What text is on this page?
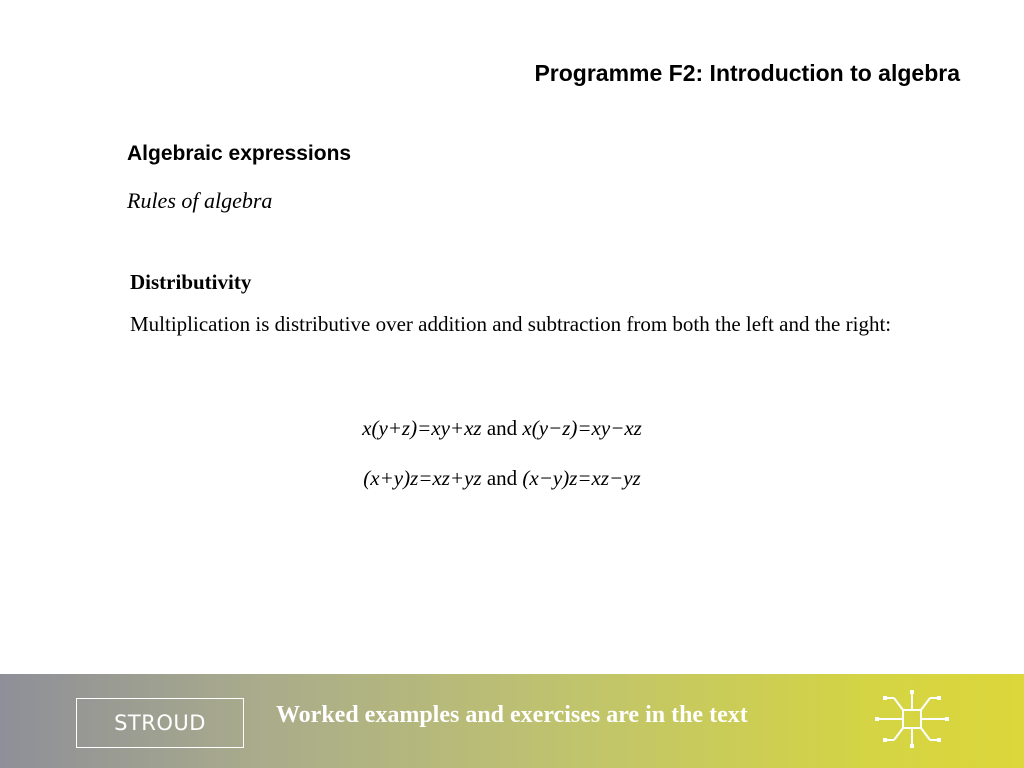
Programme F2: Introduction to algebra
Algebraic expressions
Rules of algebra
Distributivity
Multiplication is distributive over addition and subtraction from both the left and the right:
x(y+z)=xy+xz and x(y−z)=xy−xz
(x+y)z=xz+yz and (x−y)z=xz−yz
STROUD	Worked examples and exercises are in the text
